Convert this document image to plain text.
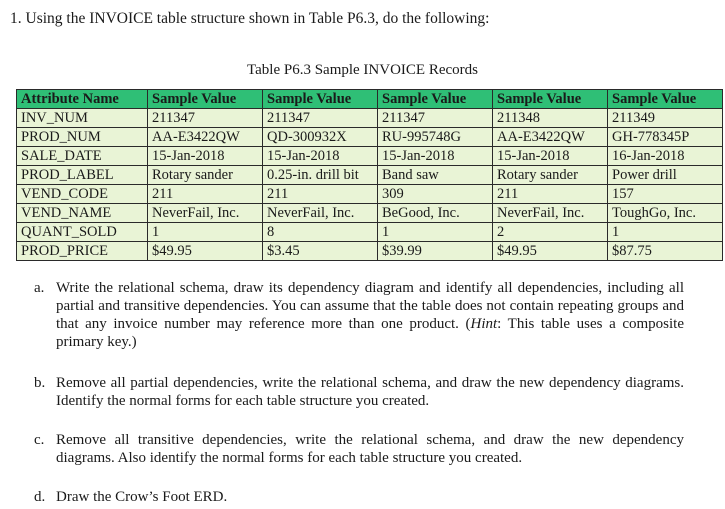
1. Using the INVOICE table structure shown in Table P6.3, do the following:

Table P6.3 Sample INVOICE Records

Attribute Name	Sample Value	Sample Value	Sample Value	Sample Value	Sample Value
INV_NUM	211347	211347	211347	211348	211349
PROD_NUM	AA-E3422QW	QD-300932X	RU-995748G	AA-E3422QW	GH-778345P
SALE_DATE	15-Jan-2018	15-Jan-2018	15-Jan-2018	15-Jan-2018	16-Jan-2018
PROD_LABEL	Rotary sander	0.25-in. drill bit	Band saw	Rotary sander	Power drill
VEND_CODE	211	211	309	211	157
VEND_NAME	NeverFail, Inc.	NeverFail, Inc.	BeGood, Inc.	NeverFail, Inc.	ToughGo, Inc.
QUANT_SOLD	1	8	1	2	1
PROD_PRICE	$49.95	$3.45	$39.99	$49.95	$87.75
a. Write the relational schema, draw its dependency diagram and identify all dependencies, including all partial and transitive dependencies. You can assume that the table does not contain repeating groups and that any invoice number may reference more than one product. (Hint: This table uses a composite primary key.)
b. Remove all partial dependencies, write the relational schema, and draw the new dependency diagrams. Identify the normal forms for each table structure you created.
c. Remove all transitive dependencies, write the relational schema, and draw the new dependency diagrams. Also identify the normal forms for each table structure you created.
d. Draw the Crow’s Foot ERD.
